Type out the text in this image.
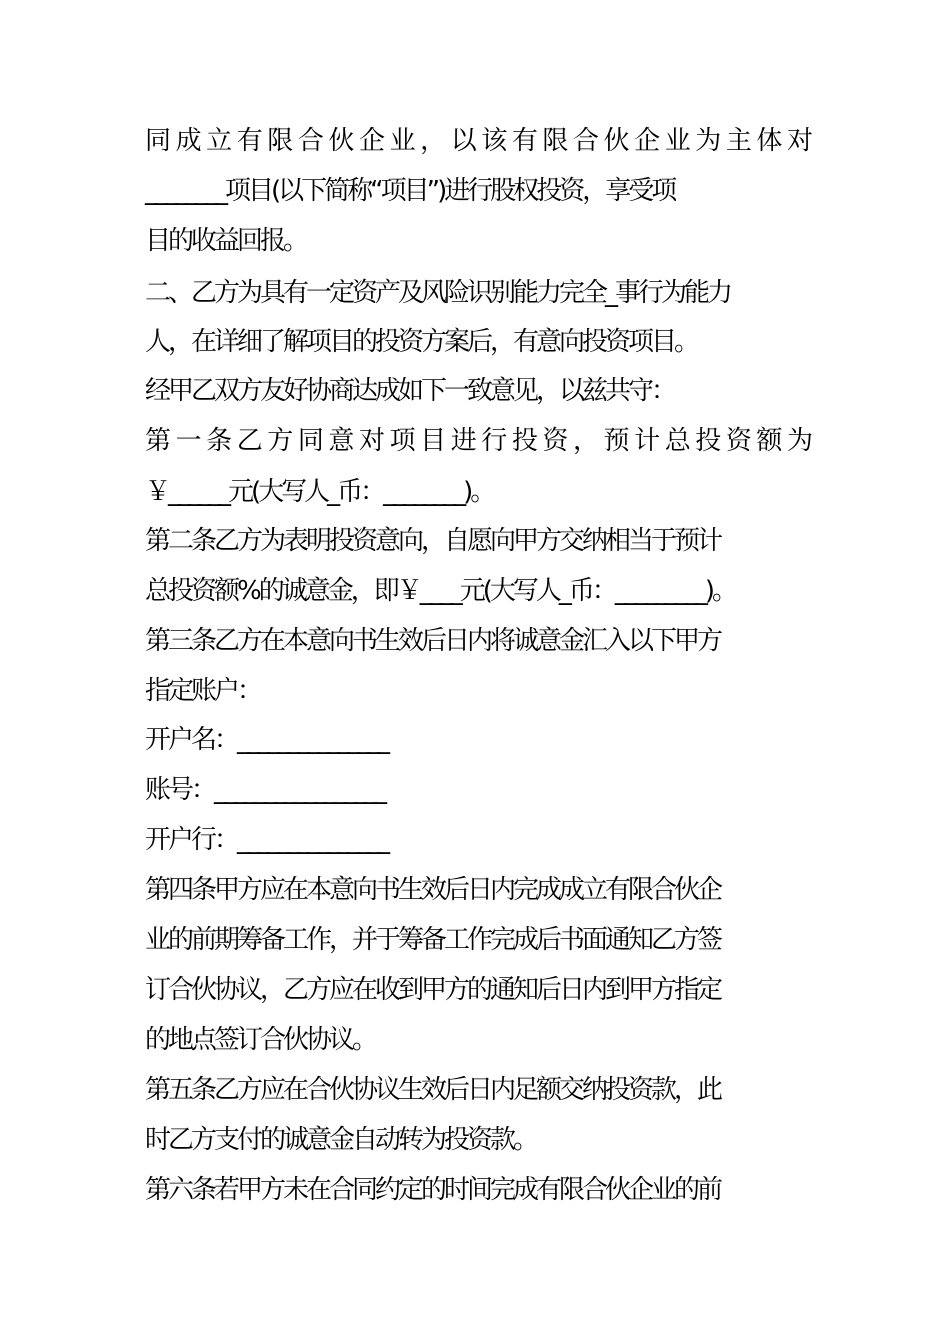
同成立有限合伙企业，以该有限合伙企业为主体对
________项目(以下简称“项目”)进行股权投资，享受项
目的收益回报。
二、乙方为具有一定资产及风险识别能力完全_事行为能力
人，在详细了解项目的投资方案后，有意向投资项目。
经甲乙双方友好协商达成如下一致意见，以兹共守：
第一条乙方同意对项目进行投资，预计总投资额为
￥______元(大写人_币：________)。
第二条乙方为表明投资意向，自愿向甲方交纳相当于预计
总投资额%的诚意金，即￥____元(大写人_币：_________)。
第三条乙方在本意向书生效后日内将诚意金汇入以下甲方
指定账户：
开户名：_______________
账号：_________________
开户行：_______________
第四条甲方应在本意向书生效后日内完成成立有限合伙企
业的前期筹备工作，并于筹备工作完成后书面通知乙方签
订合伙协议，乙方应在收到甲方的通知后日内到甲方指定
的地点签订合伙协议。
第五条乙方应在合伙协议生效后日内足额交纳投资款，此
时乙方支付的诚意金自动转为投资款。
第六条若甲方未在合同约定的时间完成有限合伙企业的前
